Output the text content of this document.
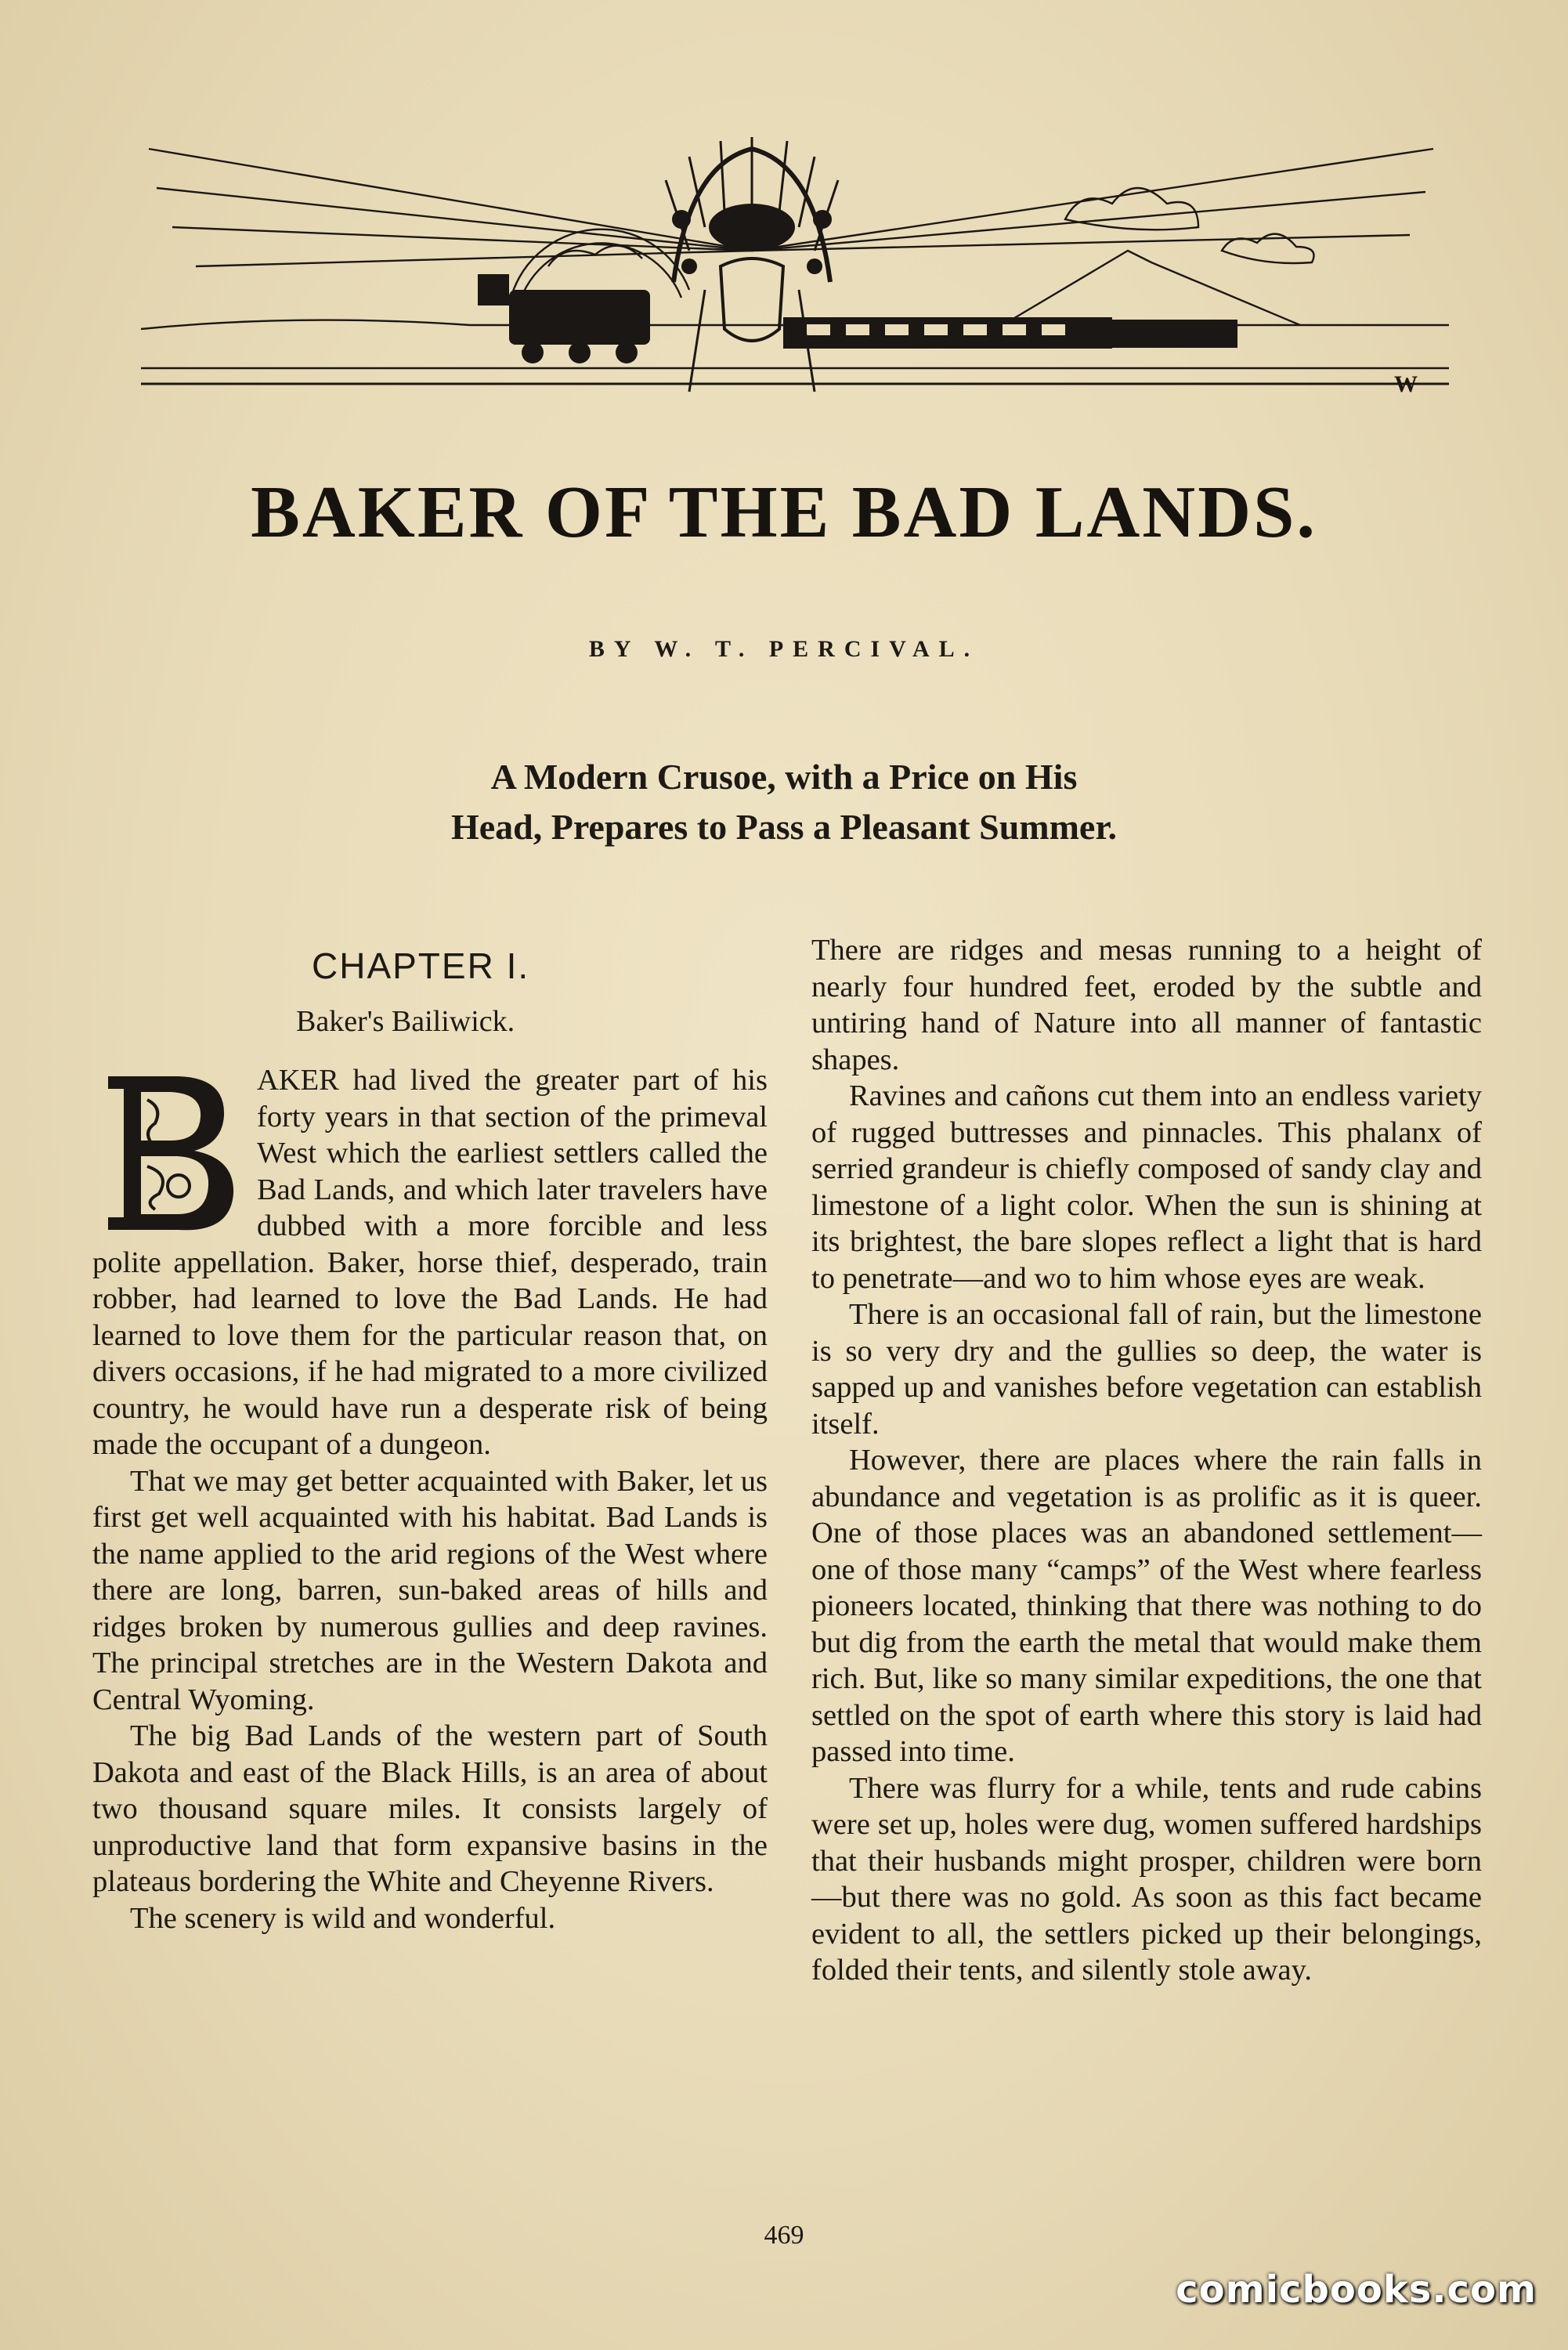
W
BAKER OF THE BAD LANDS.
BY W. T. PERCIVAL.
A Modern Crusoe, with a Price on His
Head, Prepares to Pass a Pleasant Summer.
CHAPTER I.
Baker's Bailiwick.
B	AKER had lived the greater part of his forty years in that section of the primeval West which the earliest settlers called the Bad Lands, and which later travelers have dubbed with a more forcible and less polite appellation. Baker, horse thief, desperado, train robber, had learned to love the Bad Lands. He had learned to love them for the particular reason that, on divers occasions, if he had migrated to a more civilized country, he would have run a desperate risk of being made the occupant of a dungeon.

That we may get better acquainted with Baker, let us first get well acquainted with his habitat. Bad Lands is the name applied to the arid regions of the West where there are long, barren, sun-baked areas of hills and ridges broken by numerous gullies and deep ravines. The principal stretches are in the Western Dakota and Central Wyoming.

The big Bad Lands of the western part of South Dakota and east of the Black Hills, is an area of about two thousand square miles. It consists largely of unproductive land that form expansive basins in the plateaus bordering the White and Cheyenne Rivers.

The scenery is wild and wonderful.

There are ridges and mesas running to a height of nearly four hundred feet, eroded by the subtle and untiring hand of Nature into all manner of fantastic shapes.

Ravines and cañons cut them into an endless variety of rugged buttresses and pinnacles. This phalanx of serried grandeur is chiefly composed of sandy clay and limestone of a light color. When the sun is shining at its brightest, the bare slopes reflect a light that is hard to penetrate—and wo to him whose eyes are weak.

There is an occasional fall of rain, but the limestone is so very dry and the gullies so deep, the water is sapped up and vanishes before vegetation can establish itself.

However, there are places where the rain falls in abundance and vegetation is as prolific as it is queer. One of those places was an abandoned settlement—one of those many “camps” of the West where fearless pioneers located, thinking that there was nothing to do but dig from the earth the metal that would make them rich. But, like so many similar expeditions, the one that settled on the spot of earth where this story is laid had passed into time.

There was flurry for a while, tents and rude cabins were set up, holes were dug, women suffered hardships that their husbands might prosper, children were born—but there was no gold. As soon as this fact became evident to all, the settlers picked up their belongings, folded their tents, and silently stole away.

469
comicbooks.com
